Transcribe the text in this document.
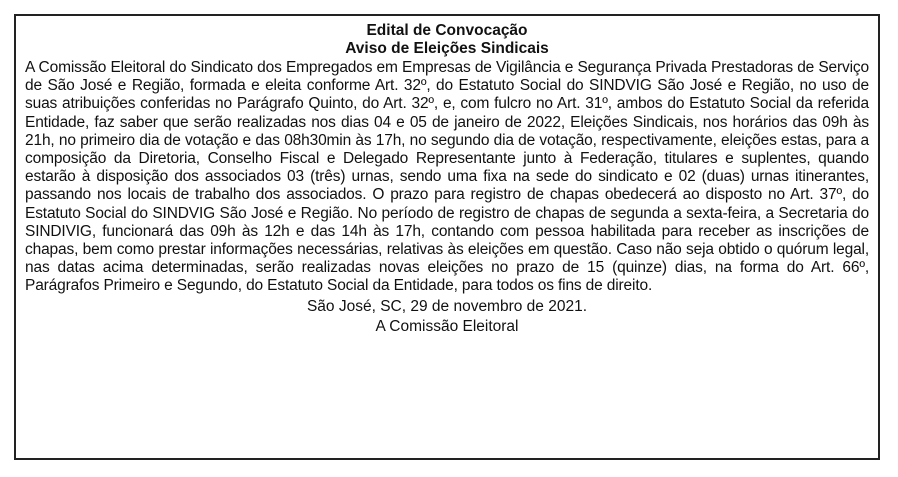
Edital de Convocação
Aviso de Eleições Sindicais

A Comissão Eleitoral do Sindicato dos Empregados em Empresas de Vigilância e Segurança Privada Prestadoras de Serviço de São José e Região, formada e eleita conforme Art. 32º, do Estatuto Social do SINDVIG São José e Região, no uso de suas atribuições conferidas no Parágrafo Quinto, do Art. 32º, e, com fulcro no Art. 31º, ambos do Estatuto Social da referida Entidade, faz saber que serão realizadas nos dias 04 e 05 de janeiro de 2022, Eleições Sindicais, nos horários das 09h às 21h, no primeiro dia de votação e das 08h30min às 17h, no segundo dia de votação, respectivamente, eleições estas, para a composição da Diretoria, Conselho Fiscal e Delegado Representante junto à Federação, titulares e suplentes, quando estarão à disposição dos associados 03 (três) urnas, sendo uma fixa na sede do sindicato e 02 (duas) urnas itinerantes, passando nos locais de trabalho dos associados. O prazo para registro de chapas obedecerá ao disposto no Art. 37º, do Estatuto Social do SINDVIG São José e Região. No período de registro de chapas de segunda a sexta-feira, a Secretaria do SINDIVIG, funcionará das 09h às 12h e das 14h às 17h, contando com pessoa habilitada para receber as inscrições de chapas, bem como prestar informações necessárias, relativas às eleições em questão. Caso não seja obtido o quórum legal, nas datas acima determinadas, serão realizadas novas eleições no prazo de 15 (quinze) dias, na forma do Art. 66º, Parágrafos Primeiro e Segundo, do Estatuto Social da Entidade, para todos os fins de direito.

São José, SC, 29 de novembro de 2021.
A Comissão Eleitoral
